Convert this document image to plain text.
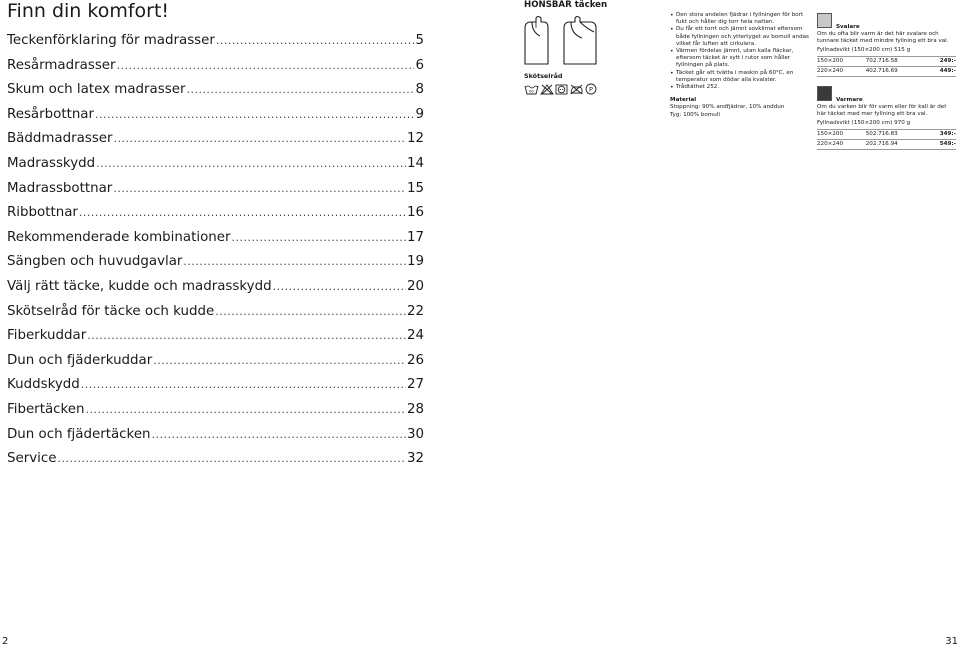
Finn din komfort!
Teckenförklaring för madrasser .....	5
Resårmadrasser .....	6
Skum och latex madrasser .....	8
Resårbottnar .....	9
Bäddmadrasser .....	12
Madrasskydd .....	14
Madrassbottnar .....	15
Ribbottnar .....	16
Rekommenderade kombinationer .....	17
Sängben och huvudgavlar .....	19
Välj rätt täcke, kudde och madrasskydd .....	20
Skötselråd för täcke och kudde .....	22
Fiberkuddar .....	24
Dun och fjäderkuddar .....	26
Kuddskydd .....	27
Fibertäcken .....	28
Dun och fjädertäcken .....	30
Service .....	32
HÖNSBÄR täcken
Skötselråd
60	P
• Den stora andelen fjädrar i fyllningen för bort fukt och håller dig torr hela natten.
• Du får ett torrt och jämnt sovklimat eftersom både fyllningen och yttertyget av bomull andas vilket får luften att cirkulera.
• Värmen fördelas jämnt, utan kalla fläckar, eftersom täcket är sytt i rutor som håller fyllningen på plats.
• Täcket går att tvätta i maskin på 60°C, en temperatur som dödar alla kvalster.
• Trådtäthet 252.
Material
Stoppning: 90% andfjädrar, 10% anddun
Tyg: 100% bomull
Svalare
Om du ofta blir varm är det här svalare och tunnare täcket med mindre fyllning ett bra val.
Fyllnadsvikt (150×200 cm) 515 g
150×200	702.716.58	249:-
220×240	402.716.69	449:-
Varmare
Om du varken blir för varm eller för kall är det här täcket med mer fyllning ett bra val.
Fyllnadsvikt (150×200 cm) 970 g
150×200	502.716.83	349:-
220×240	202.716.94	549:-
2	31
